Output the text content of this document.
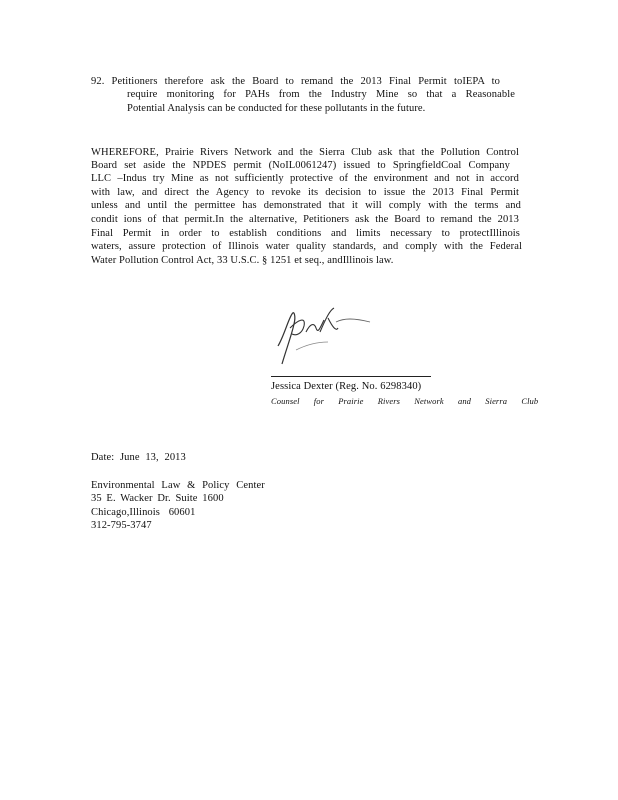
92. Petitioners therefore ask the Board to remand the 2013 Final Permit toIEPA to
require monitoring for PAHs from the Industry Mine so that a Reasonable
Potential Analysis can be conducted for these pollutants in the future.
WHEREFORE, Prairie Rivers Network and the Sierra Club ask that the Pollution Control
Board set aside the NPDES permit (NoIL0061247) issued to SpringfieldCoal Company
LLC –Indus try Mine as not sufficiently protective of the environment and not in accord
with law, and direct the Agency to revoke its decision to issue the 2013 Final Permit
unless and until the permittee has demonstrated that it will comply with the terms and
condit ions of that permit.In the alternative, Petitioners ask the Board to remand the 2013
Final Permit in order to establish conditions and limits necessary to protectIllinois
waters, assure protection of Illinois water quality standards, and comply with the Federal
Water Pollution Control Act, 33 U.S.C. § 1251 et seq., andIllinois law.
Jessica Dexter (Reg. No. 6298340)
Counsel for Prairie Rivers Network and Sierra Club
Date: June 13, 2013
Environmental Law & Policy Center
35 E. Wacker Dr. Suite 1600
Chicago,Illinois 60601
312-795-3747
